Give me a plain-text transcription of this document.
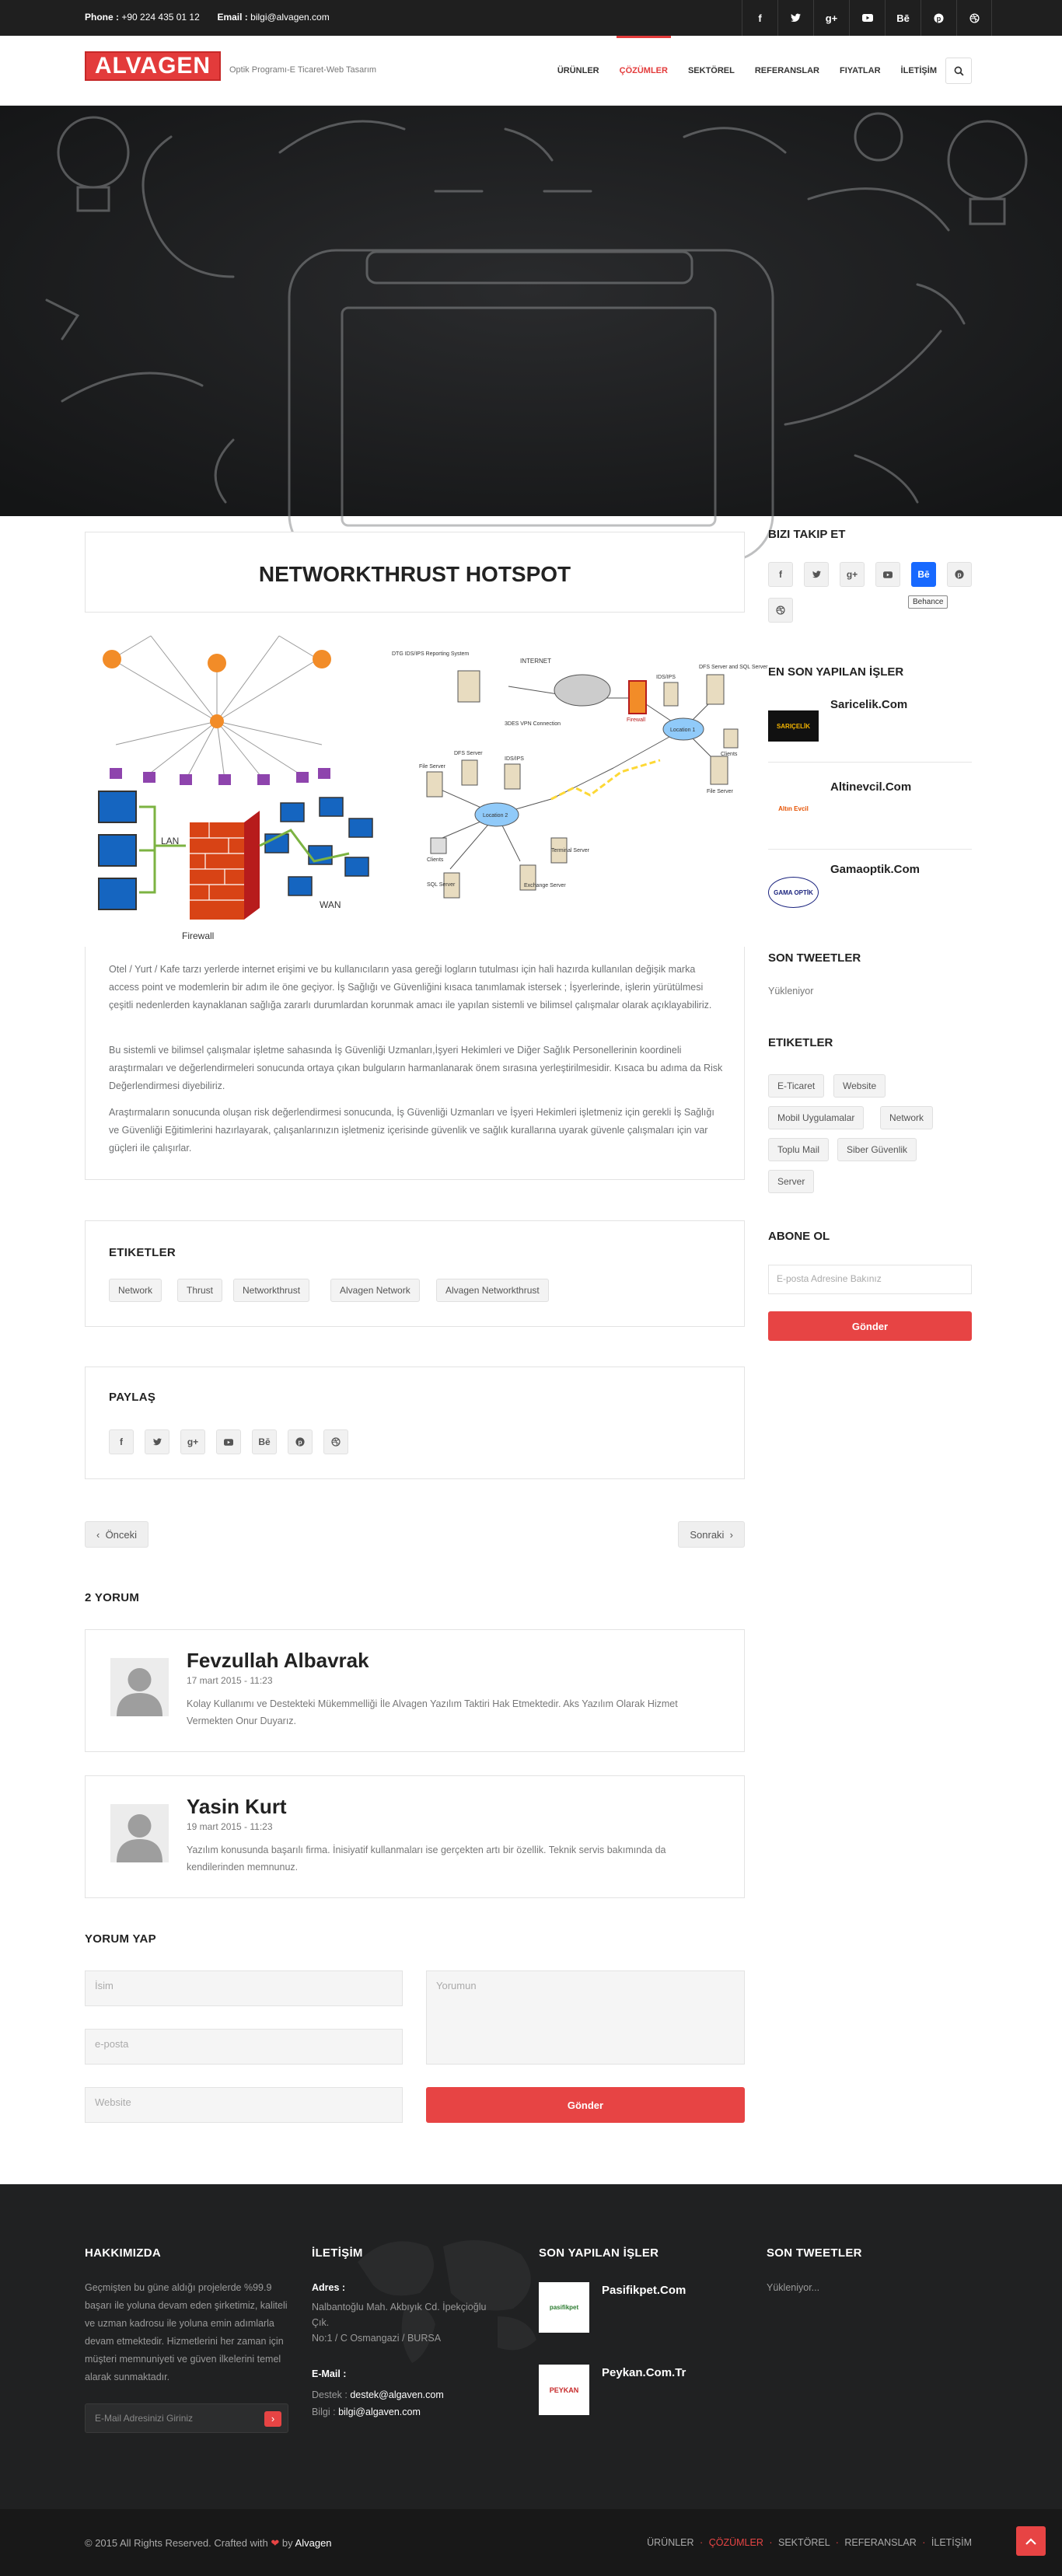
Phone : +90 224 435 01 12 Email : bilgi@alvagen.com	f	g+	Bē	p
ALVAGEN	Optik Programı-E Ticaret-Web Tasarım	ÜRÜNLER ÇÖZÜMLER SEKTÖREL REFERANSLAR FIYATLAR İLETİŞİM
NETWORKTHRUST HOTSPOT
LAN
Firewall
WAN
INTERNET
3DES VPN Connection
DTG IDS/IPS Reporting System
Firewall
IDS/IPS
DFS Server and SQL Server
Location 1
File Server
Clients
Location 2
File Server
DFS Server
IDS/IPS
Clients
SQL Server	Exchange Server
Terminal Server

Otel / Yurt / Kafe tarzı yerlerde internet erişimi ve bu kullanıcıların yasa gereği logların tutulması için hali hazırda kullanılan değişik marka access point ve modemlerin bir adım ile öne geçiyor. İş Sağlığı ve Güvenliğini kısaca tanımlamak istersek ; İşyerlerinde, işlerin yürütülmesi çeşitli nedenlerden kaynaklanan sağlığa zararlı durumlardan korunmak amacı ile yapılan sistemli ve bilimsel çalışmalar olarak açıklayabiliriz.

Bu sistemli ve bilimsel çalışmalar işletme sahasında İş Güvenliği Uzmanları,İşyeri Hekimleri ve Diğer Sağlık Personellerinin koordineli araştırmaları ve değerlendirmeleri sonucunda ortaya çıkan bulguların harmanlanarak önem sırasına yerleştirilmesidir. Kısaca bu adıma da Risk Değerlendirmesi diyebiliriz.

Araştırmaların sonucunda oluşan risk değerlendirmesi sonucunda, İş Güvenliği Uzmanları ve İşyeri Hekimleri işletmeniz için gerekli İş Sağlığı ve Güvenliği Eğitimlerini hazırlayarak, çalışanlarınızın işletmeniz içerisinde güvenlik ve sağlık kurallarına uyarak güvenle çalışmaları için var güçleri ile çalışırlar.

ETIKETLER
Network	Thrust	Networkthrust	Alvagen Network	Alvagen Networkthrust
PAYLAŞ
f	g+	Bē	p
‹  Önceki	Sonraki  ›
2 YORUM
Fevzullah Albavrak
17 mart 2015 - 11:23
Kolay Kullanımı ve Destekteki Mükemmelliği İle Alvagen Yazılım Taktiri Hak Etmektedir. Aks Yazılım Olarak Hizmet Vermekten Onur Duyarız.
Yasin Kurt
19 mart 2015 - 11:23
Yazılım konusunda başarılı firma. İnisiyatif kullanmaları ise gerçekten artı bir özellik. Teknik servis bakımında da kendilerinden memnunuz.
YORUM YAP
İsim
e-posta
Website
Yorumun
Gönder
BIZI TAKIP ET
f	g+	Bē	p
Behance
EN SON YAPILAN İŞLER
SARIÇELİK
Saricelik.Com
Altın Evcil
Altinevcil.Com
GAMA OPTİK
Gamaoptik.Com
SON TWEETLER
Yükleniyor
ETIKETLER
E-Ticaret	Website
Mobil Uygulamalar	Network
Toplu Mail	Siber Güvenlik
Server
ABONE OL
E-posta Adresine Bakınız
Gönder
HAKKIMIZDA
Geçmişten bu güne aldığı projelerde %99.9 başarı ile yoluna devam eden şirketimiz, kaliteli ve uzman kadrosu ile yoluna emin adımlarla devam etmektedir. Hizmetlerini her zaman için müşteri memnuniyeti ve güven ilkelerini temel alarak sunmaktadır.
E-Mail Adresinizi Giriniz	›
İLETİŞİM
Adres :
Nalbantoğlu Mah. Akbıyık Cd. İpekçioğlu Çık.
No:1 / C Osmangazi / BURSA
E-Mail :
Destek : destek@algaven.com
Bilgi : bilgi@algaven.com
SON YAPILAN İŞLER
pasifikpet
Pasifikpet.Com
PEYKAN
Peykan.Com.Tr
SON TWEETLER
Yükleniyor...
© 2015 All Rights Reserved. Crafted with ❤ by Alvagen	ÜRÜNLER · ÇÖZÜMLER · SEKTÖREL · REFERANSLAR · İLETİŞİM
